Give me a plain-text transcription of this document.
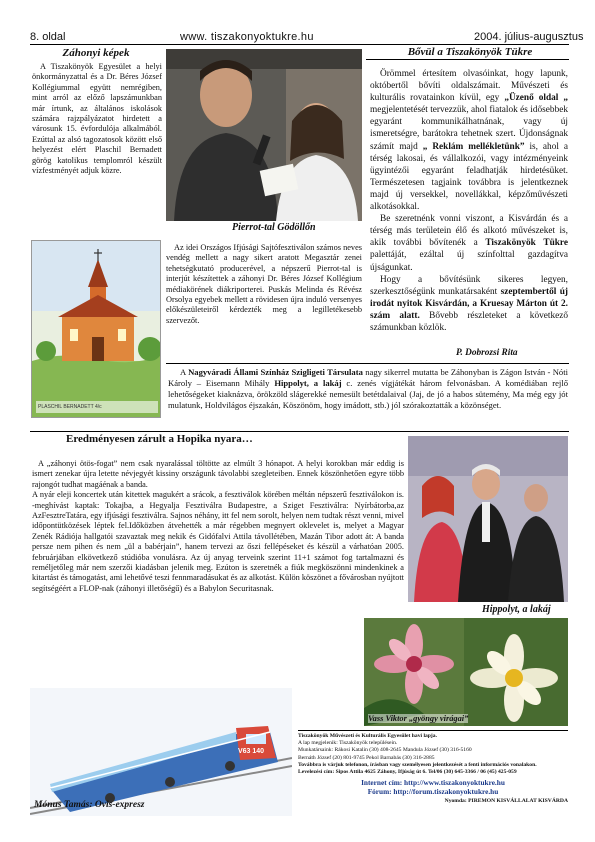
8. oldal	www. tiszakonyoktukre.hu	2004. július-augusztus
Záhonyi képek
A Tiszakönyök Egyesület a helyi önkormányzattal és a Dr. Béres József Kollégiummal együtt nemrégiben, mint arról az előző lapszámunkban már írtunk, az általános iskolások számára rajzpályázatot hirdetett a városunk 15. évfordulója alkalmából. Ezúttal az alsó tagozatosok között első helyezést elért Plaschil Bernadett görög katolikus templomról készült vízfestményét adjuk közre.
PLASCHIL BERNADETT 4/c
Pierrot-tal Gödöllőn
Az idei Országos Ifjúsági Sajtófesztiválon számos neves vendég mellett a nagy sikert aratott Megasztár zenei tehetségkutató producerével, a népszerű Pierrot-tal is interjút készítettek a záhonyi Dr. Béres József Kollégium médiakörének diákriporterei. Puskás Melinda és Révész Orsolya egyebek mellett a rövidesen újra induló versenyes előkészületeiről kérdezték meg a legilletékesebb szervezőt.
Bővül a Tiszakönyök Tükre

Örömmel értesítem olvasóinkat, hogy lapunk, októbertől bővíti oldalszámait. Művészeti és kulturális rovatainkon kívül, egy „Üzenő oldal „ megjelentetését tervezzük, ahol fiatalok és idősebbek egyaránt kommunikálhatnának, vagy új ismeretségre, barátokra tehetnek szert. Újdonságnak számít majd „ Reklám mellékletünk” is, ahol a térség lakosai, és vállalkozói, vagy intézményeink ügyintézői egyaránt feladhatják hirdetésüket. Természetesen tagjaink továbbra is jelentkeznek majd új versekkel, novellákkal, képzőművészeti alkotásokkal.

Be szeretnénk vonni viszont, a Kisvárdán és a térség más területein élő és alkotó művészeket is, akik további bővítenék a Tiszakönyök Tükre palettáját, ezáltal új színfolttal gazdagítva újságunkat.

Hogy a bővítésünk sikeres legyen, szerkesztőségünk munkatársaként szeptembertől új irodát nyitok Kisvárdán, a Kruesay Márton út 2. szám alatt. Bővebb részleteket a következő számunkban közlök.

P. Dobrozsi Rita
A Nagyváradi Állami Színház Szigligeti Társulata nagy sikerrel mutatta be Záhonyban is Zágon István - Nóti Károly – Eisemann Mihály Hippolyt, a lakáj c. zenés vígjátékát három felvonásban. A komédiában rejlő lehetőségeket kiaknázva, örökzöld slágerekké nemesült betétdalaival (Jaj, de jó a habos sütemény, Ma még egy jót mulatunk, Holdvilágos éjszakán, Köszönöm, hogy imádott, stb.) jól szórakoztatták a közönséget.
Eredményesen zárult a Hopika nyara…
A „záhonyi ötös-fogat” nem csak nyaralással töltötte az elmúlt 3 hónapot. A helyi korokban már eddig is ismert zenekar újra letette névjegyét kissiny országunk távolabbi szegleteiben. Ennek köszönhetően egyre több rajongót tudhat magáénak a banda.
A nyár eleji koncertek után kitettek magukért a srácok, a fesztiválok körében méltán népszerű fesztiválokon is. -meghívást kaptak: Tokajba, a Hegyalja Fesztiválra Budapestre, a Sziget Fesztiválra: Nyírbátorba,az AzFesztreTatára, egy ifjúsági fesztiválra. Sajnos néhány, itt fel nem sorolt, helyen nem tudtak részt venni, mivel időpontütközések léptek fel.Időközben átvehették a már régebben megnyert oklevelet is, melyet a Magyar Zenék Rádiója hallgatói szavaztak meg nekik és Gidófalvi Attila távollétében, Mazán Tibor adott át: A banda persze nem pihen és nem „ül a babérjain”, hanem tervezi az őszi fellépéseket és készül a várhatóan 2005. februárjában elkövetkező stúdióba vonulásra. Az új anyag terveink szerint 11+1 számot fog tartalmazni és reméljetőleg már nem szerzői kiadásban jelenik meg. Ezúton is szeretnék a fiúk megköszönni mindenkinek a kitartást és támogatást, ami lehetővé teszi fennmaradásukat és az alkotást. Külön köszönet a fővárosban nyújtott segítségéért a FLOP-nak (záhonyi illetőségű) és a Babylon Securitasnak.
Hippolyt, a lakáj
Vass Viktor „gyöngy virágai”
V63 140
Mónus Tamás: Ovis-expresz
Tiszakönyök Művészeti és Kulturális Egyesület havi lapja.
A lap megjelenik: Tiszakönyök településein.
Munkatársaink: Rákosi Katalin (30) 408-2645 Mandula József (30) 316-5160
Bernáth József (20) 801-9745 Pekol Barnabás (30) 316-2885
Továbbra is várjuk telefonon, írásban vagy személyesen jelentkezését a fenti információs vonalakon.
Levelezési cím: Sipos Attila 4625 Záhony, Ifjúság út 6. Tel/06 (30) 645-3366 / 06 (45) 425-059
Internet cím: http://www.tiszakonyoktukre.hu
Fórum: http://forum.tiszakonyoktukre.hu
Nyomda: PIREMON KISVÁLLALAT KISVÁRDA
